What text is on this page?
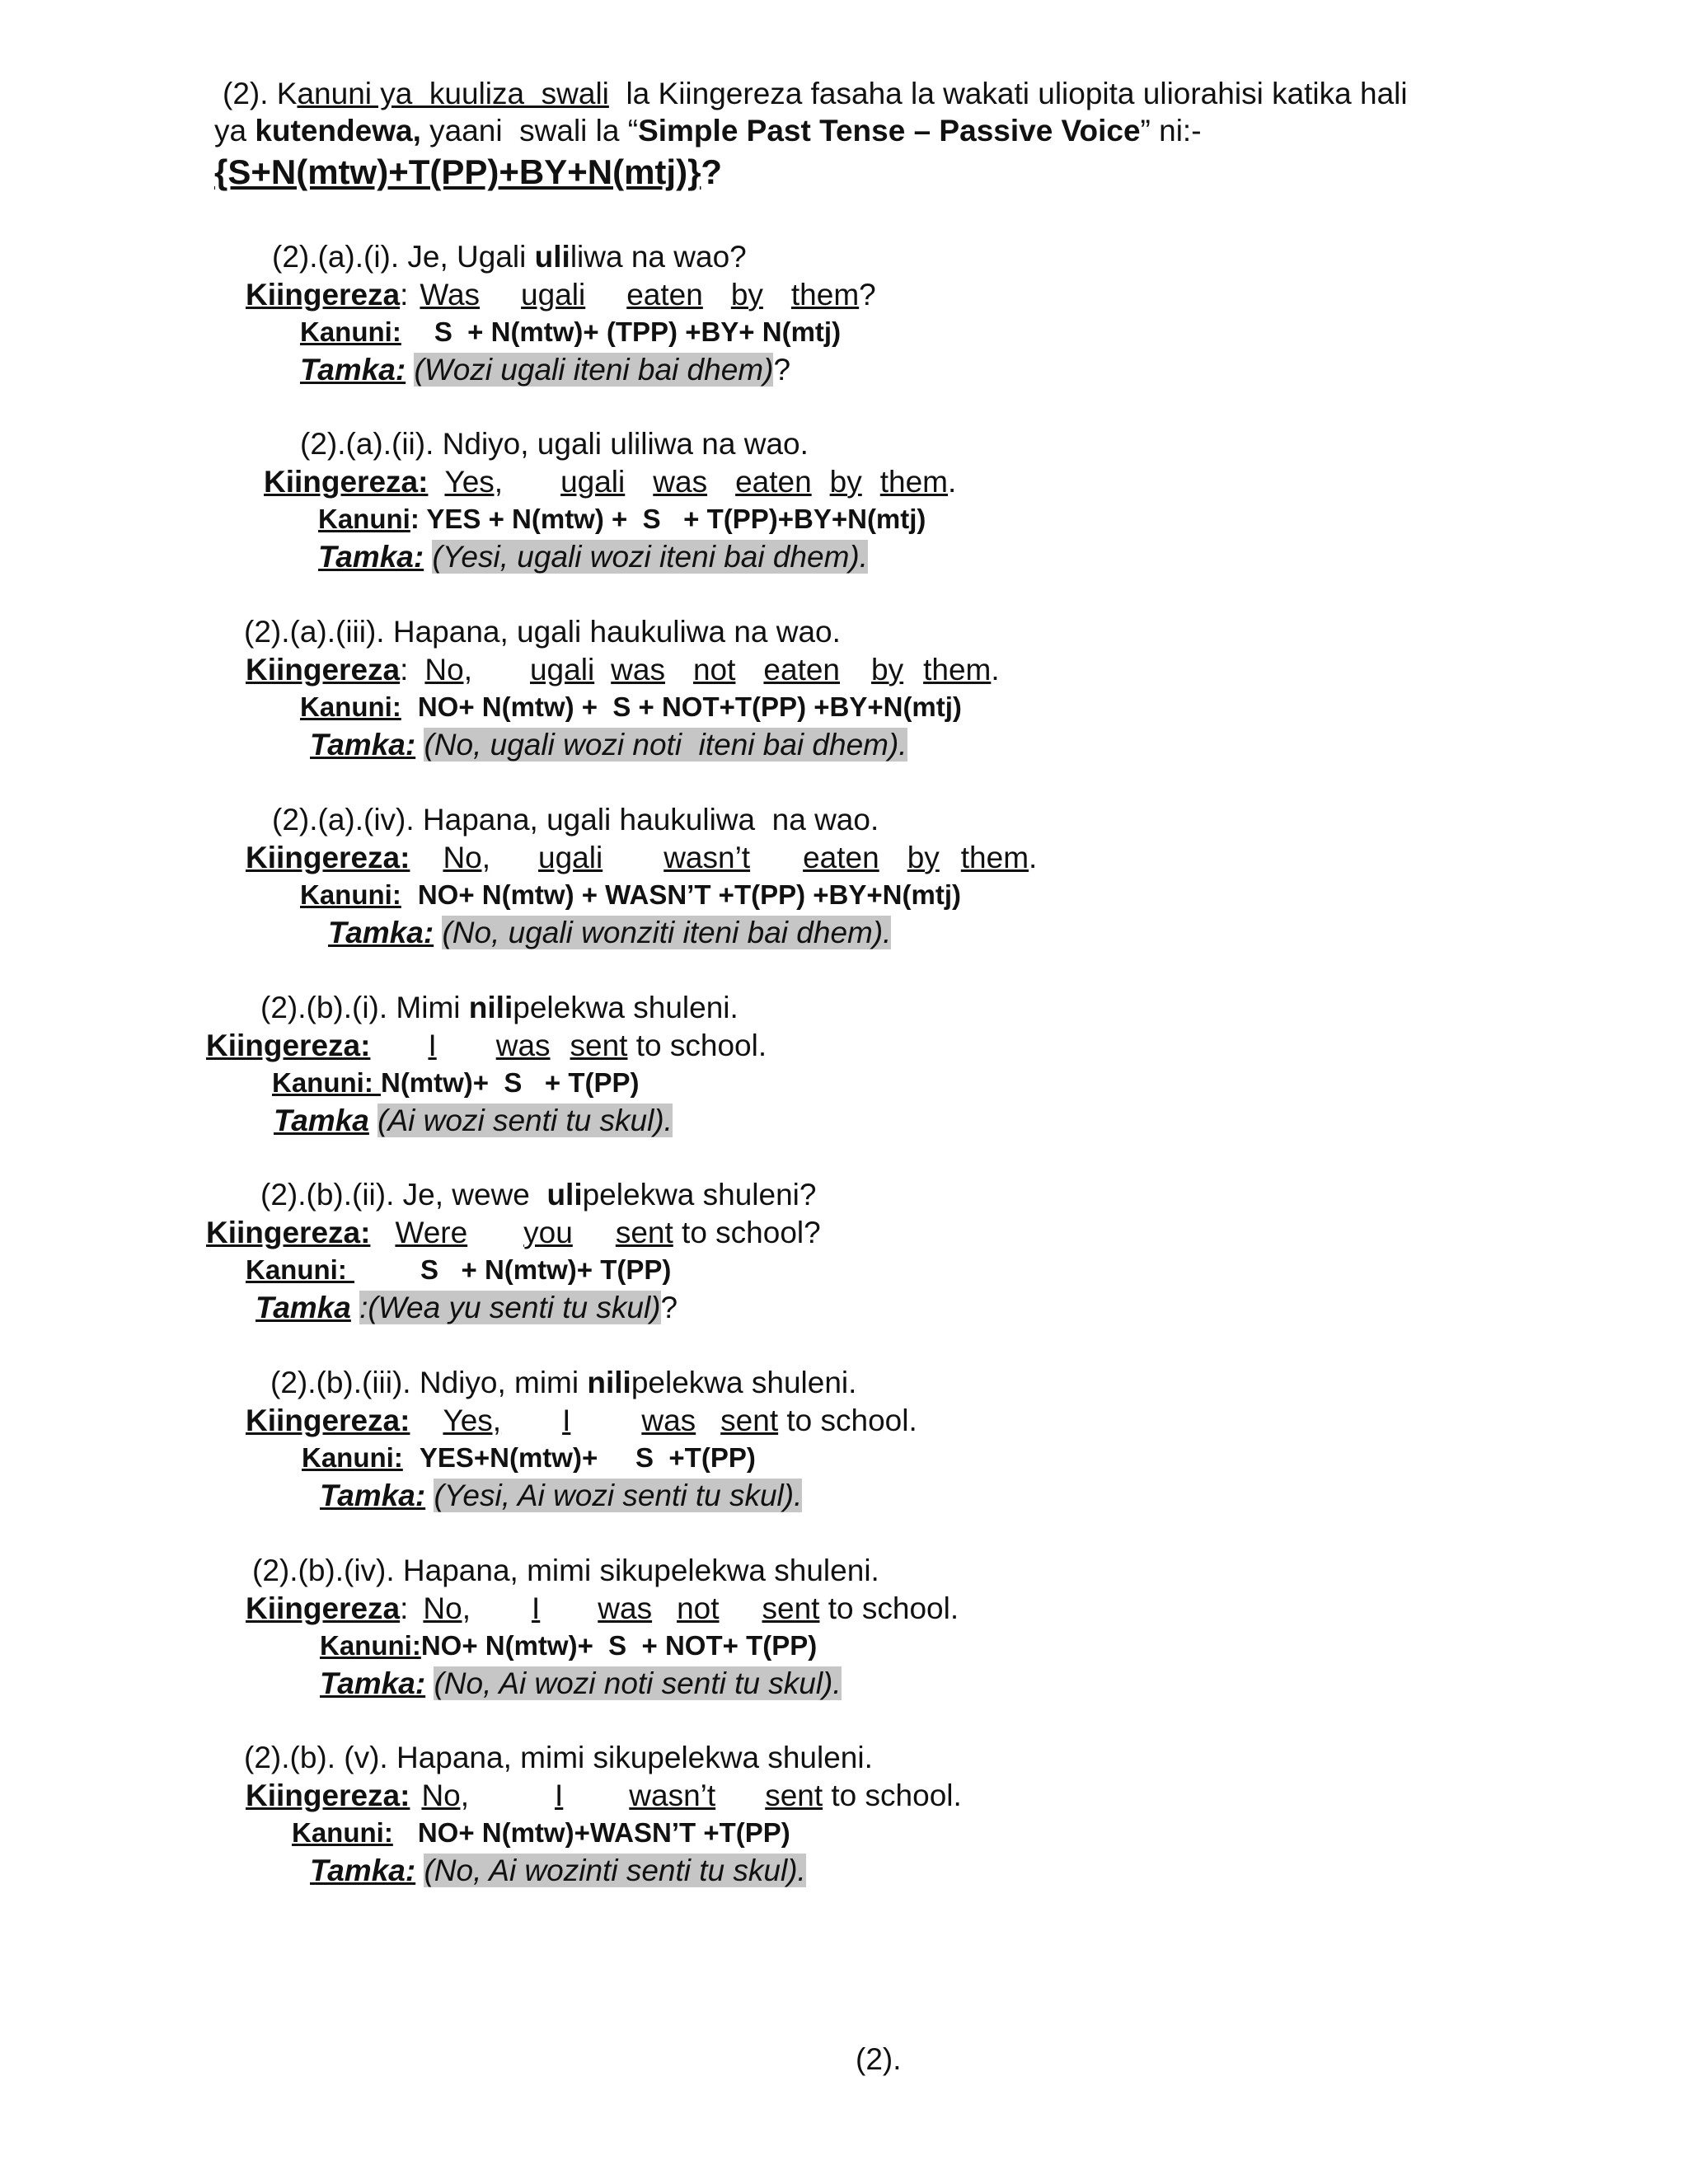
(2). Kanuni ya  kuuliza  swali  la Kiingereza fasaha la wakati uliopita uliorahisi katika hali
ya kutendewa, yaani  swali la “Simple Past Tense – Passive Voice” ni:-
{S+N(mtw)+T(PP)+BY+N(mtj)}?
(2).(a).(i). Je, Ugali uliliwa na wao?
Kiingereza: Was ugali eaten by them?
Kanuni: S  + N(mtw)+ (TPP) +BY+ N(mtj)
Tamka: (Wozi ugali iteni bai dhem)?
(2).(a).(ii). Ndiyo, ugali uliliwa na wao.
Kiingereza: Yes, ugali was eaten by them.
Kanuni: YES + N(mtw) +  S   + T(PP)+BY+N(mtj)
Tamka: (Yesi, ugali wozi iteni bai dhem).
(2).(a).(iii). Hapana, ugali haukuliwa na wao.
Kiingereza: No, ugali was not eaten by them.
Kanuni: NO+ N(mtw) +  S + NOT+T(PP) +BY+N(mtj)
Tamka: (No, ugali wozi noti  iteni bai dhem).
(2).(a).(iv). Hapana, ugali haukuliwa  na wao.
Kiingereza: No, ugali wasn’t eaten by them.
Kanuni: NO+ N(mtw) + WASN’T +T(PP) +BY+N(mtj)
Tamka: (No, ugali wonziti iteni bai dhem).
(2).(b).(i). Mimi nilipelekwa shuleni.
Kiingereza: I was sent to school.
Kanuni: N(mtw)+  S   + T(PP)
Tamka (Ai wozi senti tu skul).
(2).(b).(ii). Je, wewe  ulipelekwa shuleni?
Kiingereza: Were you sent to school?
Kanuni: S   + N(mtw)+ T(PP)
Tamka :(Wea yu senti tu skul)?
(2).(b).(iii). Ndiyo, mimi nilipelekwa shuleni.
Kiingereza: Yes, I was sent to school.
Kanuni: YES+N(mtw)+     S  +T(PP)
Tamka: (Yesi, Ai wozi senti tu skul).
(2).(b).(iv). Hapana, mimi sikupelekwa shuleni.
Kiingereza: No, I was not sent to school.
Kanuni:NO+ N(mtw)+  S  + NOT+ T(PP)
Tamka: (No, Ai wozi noti senti tu skul).
(2).(b). (v). Hapana, mimi sikupelekwa shuleni.
Kiingereza: No,	I wasn’t sent to school.
Kanuni: NO+ N(mtw)+WASN’T +T(PP)
Tamka: (No, Ai wozinti senti tu skul).
(2).
